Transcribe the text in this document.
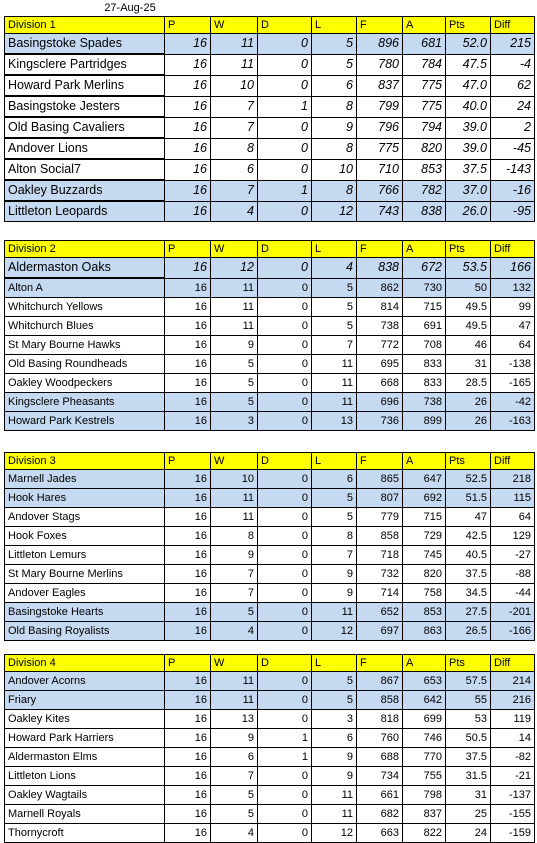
27-Aug-25
Division 1	P	W	D	L	F	A	Pts	Diff
Basingstoke Spades	16	11	0	5	896	681	52.0	215
Kingsclere Partridges	16	11	0	5	780	784	47.5	-4
Howard Park Merlins	16	10	0	6	837	775	47.0	62
Basingstoke Jesters	16	7	1	8	799	775	40.0	24
Old Basing Cavaliers	16	7	0	9	796	794	39.0	2
Andover Lions	16	8	0	8	775	820	39.0	-45
Alton Social7	16	6	0	10	710	853	37.5	-143
Oakley Buzzards	16	7	1	8	766	782	37.0	-16
Littleton Leopards	16	4	0	12	743	838	26.0	-95
Division 2	P	W	D	L	F	A	Pts	Diff
Aldermaston Oaks	16	12	0	4	838	672	53.5	166
Alton A	16	11	0	5	862	730	50	132
Whitchurch Yellows	16	11	0	5	814	715	49.5	99
Whitchurch Blues	16	11	0	5	738	691	49.5	47
St Mary Bourne Hawks	16	9	0	7	772	708	46	64
Old Basing Roundheads	16	5	0	11	695	833	31	-138
Oakley Woodpeckers	16	5	0	11	668	833	28.5	-165
Kingsclere Pheasants	16	5	0	11	696	738	26	-42
Howard Park Kestrels	16	3	0	13	736	899	26	-163
Division 3	P	W	D	L	F	A	Pts	Diff
Marnell Jades	16	10	0	6	865	647	52.5	218
Hook Hares	16	11	0	5	807	692	51.5	115
Andover Stags	16	11	0	5	779	715	47	64
Hook Foxes	16	8	0	8	858	729	42.5	129
Littleton Lemurs	16	9	0	7	718	745	40.5	-27
St Mary Bourne Merlins	16	7	0	9	732	820	37.5	-88
Andover Eagles	16	7	0	9	714	758	34.5	-44
Basingstoke Hearts	16	5	0	11	652	853	27.5	-201
Old Basing Royalists	16	4	0	12	697	863	26.5	-166
Division 4	P	W	D	L	F	A	Pts	Diff
Andover Acorns	16	11	0	5	867	653	57.5	214
Friary	16	11	0	5	858	642	55	216
Oakley Kites	16	13	0	3	818	699	53	119
Howard Park Harriers	16	9	1	6	760	746	50.5	14
Aldermaston Elms	16	6	1	9	688	770	37.5	-82
Littleton Lions	16	7	0	9	734	755	31.5	-21
Oakley Wagtails	16	5	0	11	661	798	31	-137
Marnell Royals	16	5	0	11	682	837	25	-155
Thornycroft	16	4	0	12	663	822	24	-159
